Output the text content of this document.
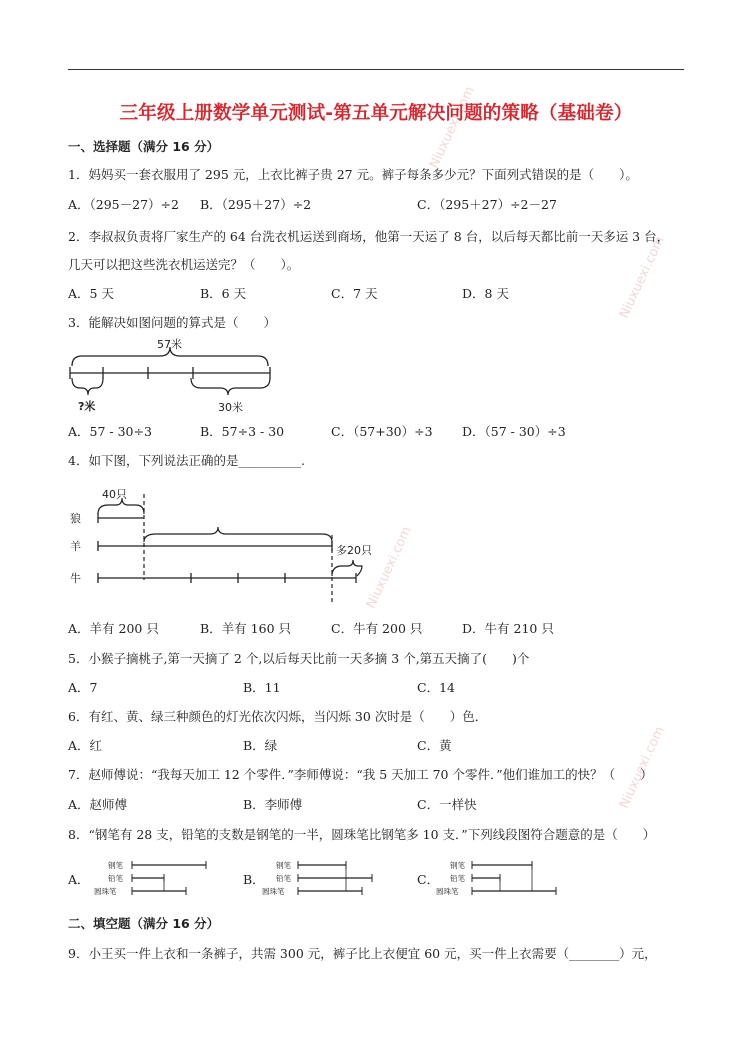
Niuxuexi.com
Niuxuexi.com
Niuxuexi.com
Niuxuexi.com
三年级上册数学单元测试-第五单元解决问题的策略（基础卷）
一、选择题（满分 16 分）
1．妈妈买一套衣服用了 295 元，上衣比裤子贵 27 元。裤子每条多少元？下面列式错误的是（　　）。
A．（295－27）÷2 B．（295＋27）÷2	C．（295＋27）÷2－27
2．李叔叔负责将厂家生产的 64 台洗衣机运送到商场，他第一天运了 8 台，以后每天都比前一天多运 3 台，
几天可以把这些洗衣机运送完？（　　）。
A．5 天	B．6 天	C．7 天	D．8 天
3．能解决如图问题的算式是（　　）
57米
?米	30米
A．57 - 30÷3	B．57÷3 - 30	C．（57+30）÷3 D．（57 - 30）÷3
4．如下图，下列说法正确的是__________.
40只
狼
羊	多20只
牛
A．羊有 200 只	B．羊有 160 只	C．牛有 200 只	D．牛有 210 只
5．小猴子摘桃子,第一天摘了 2 个,以后每天比前一天多摘 3 个,第五天摘了(　　)个
A．7	B．11	C．14
6．有红、黄、绿三种颜色的灯光依次闪烁，当闪烁 30 次时是（　　）色．
A．红	B．绿	C．黄
7．赵师傅说：“我每天加工 12 个零件．”李师傅说：“我 5 天加工 70 个零件．”他们谁加工的快？（　　）
A．赵师傅	B．李师傅	C．一样快
8．“钢笔有 28 支，铅笔的支数是钢笔的一半，圆珠笔比钢笔多 10 支．”下列线段图符合题意的是（　　）
A．
钢笔
铅笔
圆珠笔
B．
钢笔
铅笔
圆珠笔
C．
钢笔
铅笔
圆珠笔
二、填空题（满分 16 分）
9．小王买一件上衣和一条裤子，共需 300 元，裤子比上衣便宜 60 元，买一件上衣需要（________）元，
